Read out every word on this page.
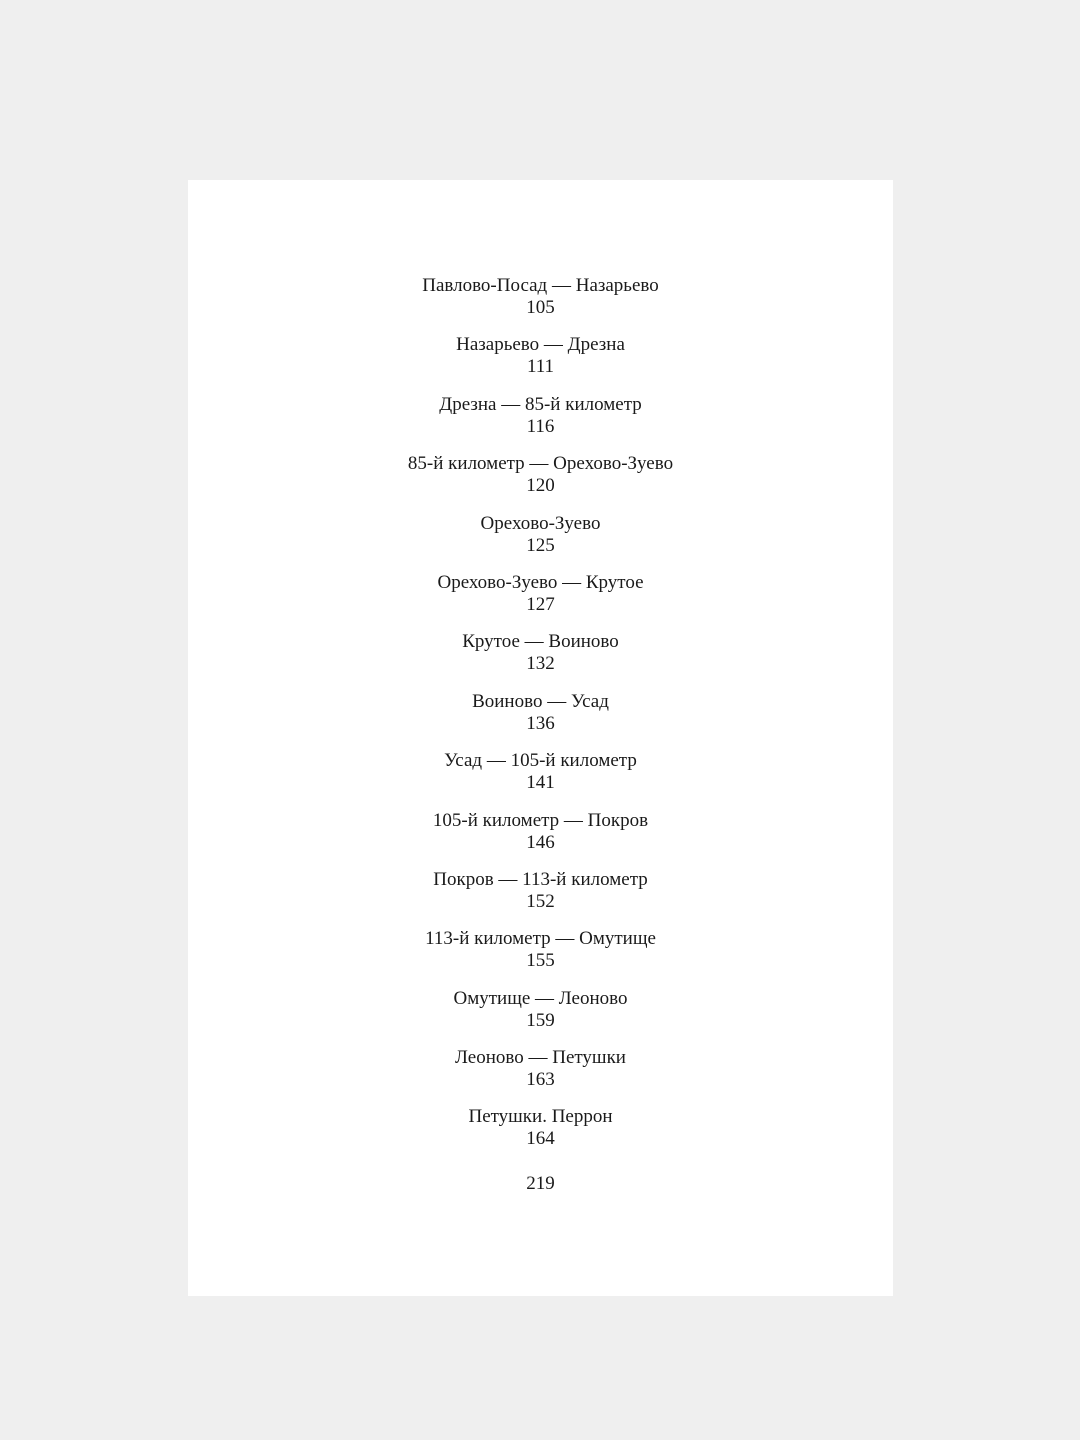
Павлово-Посад — Назарьево
105
Назарьево — Дрезна
111
Дрезна — 85-й километр
116
85-й километр — Орехово-Зуево
120
Орехово-Зуево
125
Орехово-Зуево — Крутое
127
Крутое — Воиново
132
Воиново — Усад
136
Усад — 105-й километр
141
105-й километр — Покров
146
Покров — 113-й километр
152
113-й километр — Омутище
155
Омутище — Леоново
159
Леоново — Петушки
163
Петушки. Перрон
164
219
